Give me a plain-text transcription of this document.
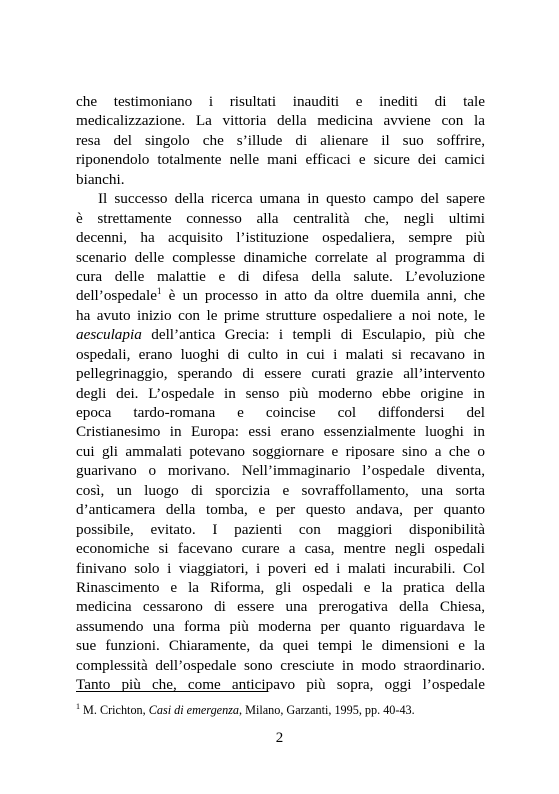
che testimoniano i risultati inauditi e inediti di tale
medicalizzazione. La vittoria della medicina avviene con la
resa del singolo che s’illude di alienare il suo soffrire,
riponendolo totalmente nelle mani efficaci e sicure dei camici
bianchi.
Il successo della ricerca umana in questo campo del sapere
è strettamente connesso alla centralità che, negli ultimi
decenni, ha acquisito l’istituzione ospedaliera, sempre più
scenario delle complesse dinamiche correlate al programma di
cura delle malattie e di difesa della salute. L’evoluzione
dell’ospedale$^1$ è un processo in atto da oltre duemila anni, che
ha avuto inizio con le prime strutture ospedaliere a noi note, le
aesculapia dell’antica Grecia: i templi di Esculapio, più che
ospedali, erano luoghi di culto in cui i malati si recavano in
pellegrinaggio, sperando di essere curati grazie all’intervento
degli dei. L’ospedale in senso più moderno ebbe origine in
epoca tardo-romana e coincise col diffondersi del
Cristianesimo in Europa: essi erano essenzialmente luoghi in
cui gli ammalati potevano soggiornare e riposare sino a che o
guarivano o morivano. Nell’immaginario l’ospedale diventa,
così, un luogo di sporcizia e sovraffollamento, una sorta
d’anticamera della tomba, e per questo andava, per quanto
possibile, evitato. I pazienti con maggiori disponibilità
economiche si facevano curare a casa, mentre negli ospedali
finivano solo i viaggiatori, i poveri ed i malati incurabili. Col
Rinascimento e la Riforma, gli ospedali e la pratica della
medicina cessarono di essere una prerogativa della Chiesa,
assumendo una forma più moderna per quanto riguardava le
sue funzioni. Chiaramente, da quei tempi le dimensioni e la
complessità dell’ospedale sono cresciute in modo straordinario.
Tanto più che, come anticipavo più sopra, oggi l’ospedale
$^1$ M. Crichton, Casi di emergenza, Milano, Garzanti, 1995, pp. 40-43.
2
